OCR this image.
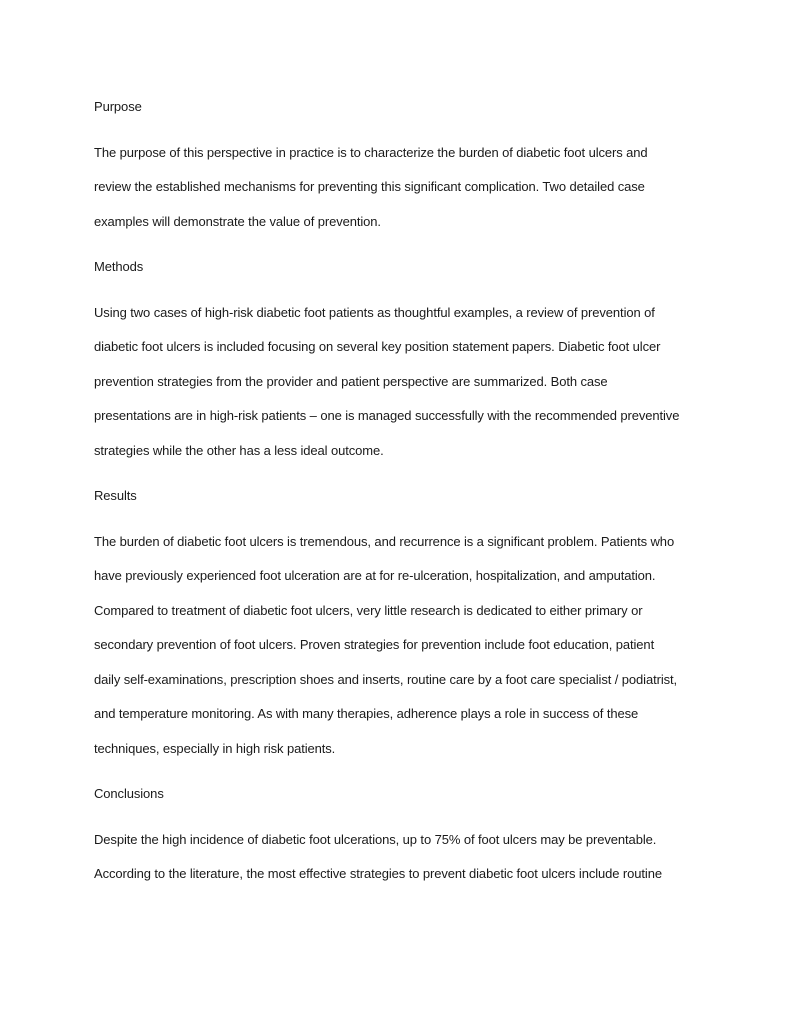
Purpose
The purpose of this perspective in practice is to characterize the burden of diabetic foot ulcers and
review the established mechanisms for preventing this significant complication. Two detailed case
examples will demonstrate the value of prevention.
Methods
Using two cases of high-risk diabetic foot patients as thoughtful examples, a review of prevention of
diabetic foot ulcers is included focusing on several key position statement papers. Diabetic foot ulcer
prevention strategies from the provider and patient perspective are summarized. Both case
presentations are in high-risk patients – one is managed successfully with the recommended preventive
strategies while the other has a less ideal outcome.
Results
The burden of diabetic foot ulcers is tremendous, and recurrence is a significant problem. Patients who
have previously experienced foot ulceration are at for re-ulceration, hospitalization, and amputation.
Compared to treatment of diabetic foot ulcers, very little research is dedicated to either primary or
secondary prevention of foot ulcers. Proven strategies for prevention include foot education, patient
daily self-examinations, prescription shoes and inserts, routine care by a foot care specialist / podiatrist,
and temperature monitoring. As with many therapies, adherence plays a role in success of these
techniques, especially in high risk patients.
Conclusions
Despite the high incidence of diabetic foot ulcerations, up to 75% of foot ulcers may be preventable.
According to the literature, the most effective strategies to prevent diabetic foot ulcers include routine
